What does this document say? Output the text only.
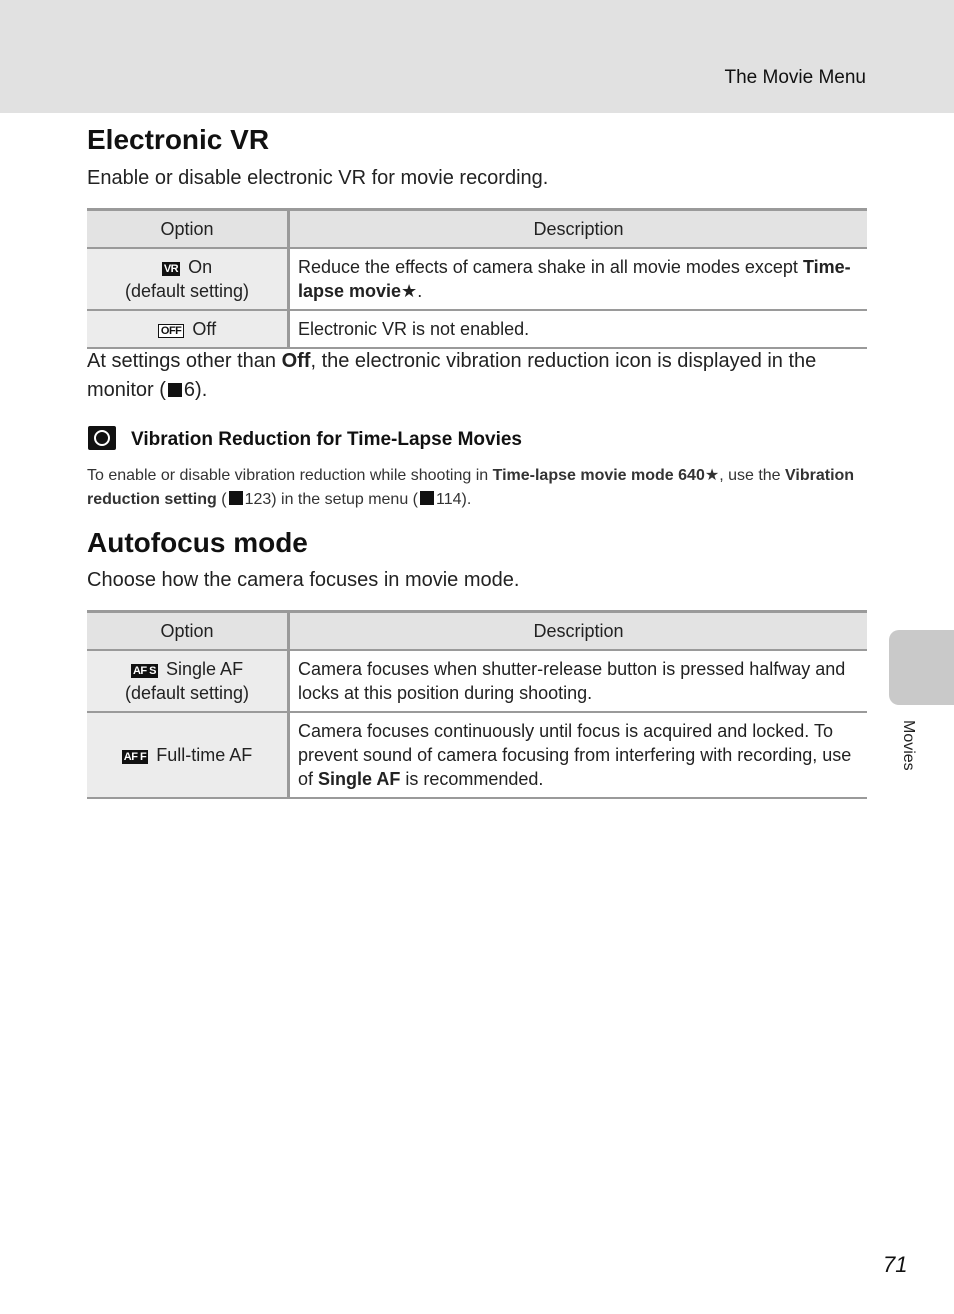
The Movie Menu
Electronic VR
Enable or disable electronic VR for movie recording.
Option	Description
VR On
(default setting)	Reduce the effects of camera shake in all movie modes except Time-lapse movie★.
OFF Off	Electronic VR is not enabled.
At settings other than Off, the electronic vibration reduction icon is displayed in the monitor ( 6).
Vibration Reduction for Time-Lapse Movies
To enable or disable vibration reduction while shooting in Time-lapse movie mode 640★, use the Vibration reduction setting ( 123) in the setup menu ( 114).
Autofocus mode
Choose how the camera focuses in movie mode.
Option	Description
AF S Single AF
(default setting)	Camera focuses when shutter-release button is pressed halfway and locks at this position during shooting.
AF F Full-time AF	Camera focuses continuously until focus is acquired and locked. To prevent sound of camera focusing from interfering with recording, use of Single AF is recommended.
Movies
71
